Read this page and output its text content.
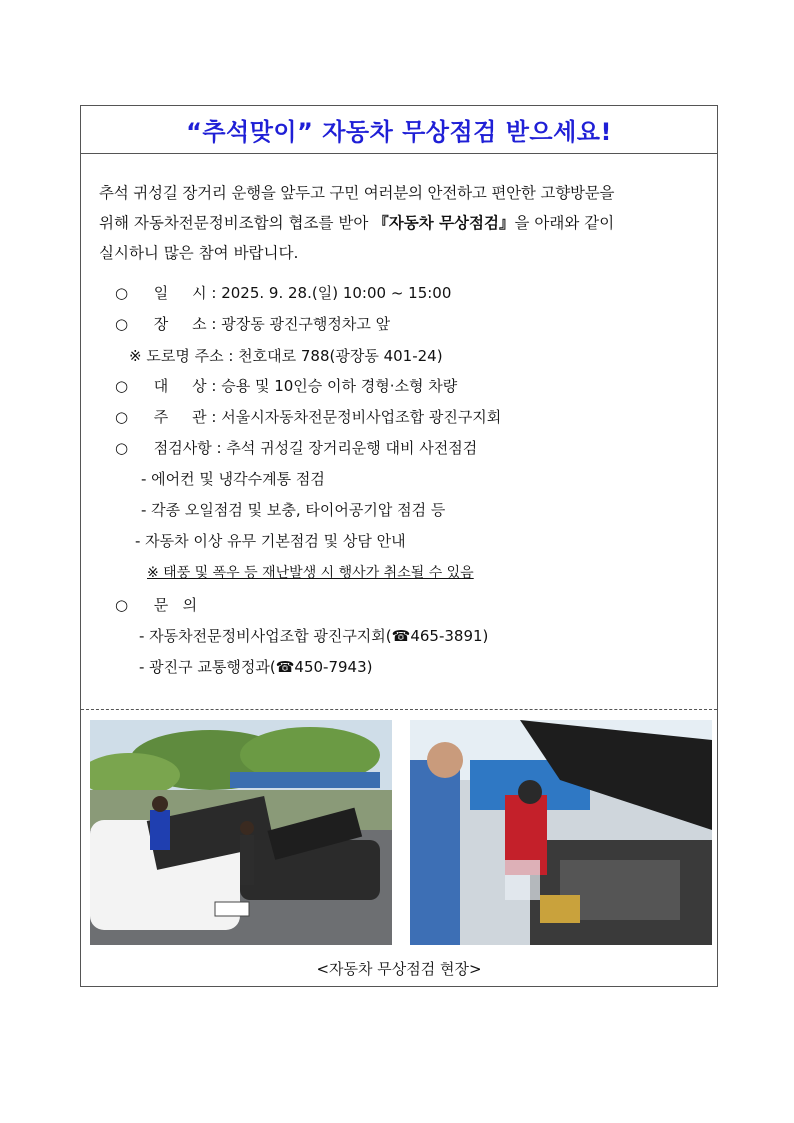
“추석맞이” 자동차 무상점검 받으세요!
추석 귀성길 장거리 운행을 앞두고 구민 여러분의 안전하고 편안한 고향방문을
위해 자동차전문정비조합의 협조를 받아 『자동차 무상점검』을 아래와 같이
실시하니 많은 참여 바랍니다.
○ 일     시 : 2025. 9. 28.(일) 10:00 ~ 15:00
○ 장     소 : 광장동 광진구행정차고 앞
※ 도로명 주소 : 천호대로 788(광장동 401-24)
○ 대     상 : 승용 및 10인승 이하 경형·소형 차량
○ 주     관 : 서울시자동차전문정비사업조합 광진구지회
○ 점검사항 : 추석 귀성길 장거리운행 대비 사전점검
- 에어컨 및 냉각수계통 점검
- 각종 오일점검 및 보충, 타이어공기압 점검 등
- 자동차 이상 유무 기본점검 및 상담 안내
※ 태풍 및 폭우 등 재난발생 시 행사가 취소될 수 있음
○ 문   의
- 자동차전문정비사업조합 광진구지회(☎465-3891)
- 광진구 교통행정과(☎450-7943)
<자동차 무상점검 현장>
